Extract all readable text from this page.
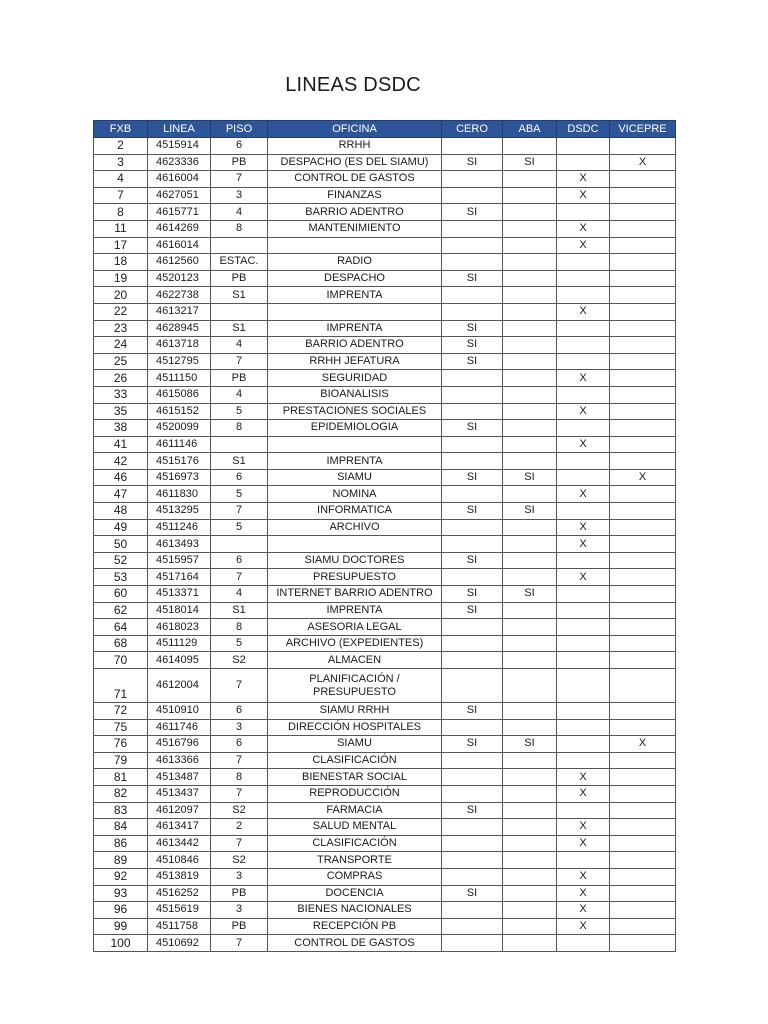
LINEAS DSDC
FXB	LINEA	PISO	OFICINA	CERO	ABA	DSDC	VICEPRE
2	4515914	6	RRHH				
3	4623336	PB	DESPACHO (ES DEL SIAMU)	SI	SI		X
4	4616004	7	CONTROL DE GASTOS			X	
7	4627051	3	FINANZAS			X	
8	4615771	4	BARRIO ADENTRO	SI			
11	4614269	8	MANTENIMIENTO			X	
17	4616014					X	
18	4612560	ESTAC.	RADIO				
19	4520123	PB	DESPACHO	SI			
20	4622738	S1	IMPRENTA				
22	4613217					X	
23	4628945	S1	IMPRENTA	SI			
24	4613718	4	BARRIO ADENTRO	SI			
25	4512795	7	RRHH JEFATURA	SI			
26	4511150	PB	SEGURIDAD			X	
33	4615086	4	BIOANALISIS				
35	4615152	5	PRESTACIONES SOCIALES			X	
38	4520099	8	EPIDEMIOLOGIA	SI			
41	4611146					X	
42	4515176	S1	IMPRENTA				
46	4516973	6	SIAMU	SI	SI		X
47	4611830	5	NOMINA			X	
48	4513295	7	INFORMATICA	SI	SI		
49	4511246	5	ARCHIVO			X	
50	4613493					X	
52	4515957	6	SIAMU DOCTORES	SI			
53	4517164	7	PRESUPUESTO			X	
60	4513371	4	INTERNET BARRIO ADENTRO	SI	SI		
62	4518014	S1	IMPRENTA	SI			
64	4618023	8	ASESORIA LEGAL				
68	4511129	5	ARCHIVO (EXPEDIENTES)				
70	4614095	S2	ALMACEN				
71	4612004	7	PLANIFICACIÓN / PRESUPUESTO				
72	4510910	6	SIAMU RRHH	SI			
75	4611746	3	DIRECCIÓN HOSPITALES				
76	4516796	6	SIAMU	SI	SI		X
79	4613366	7	CLASIFICACIÓN				
81	4513487	8	BIENESTAR SOCIAL			X	
82	4513437	7	REPRODUCCIÓN			X	
83	4612097	S2	FARMACIA	SI			
84	4613417	2	SALUD MENTAL			X	
86	4613442	7	CLASIFICACIÓN			X	
89	4510846	S2	TRANSPORTE				
92	4513819	3	COMPRAS			X	
93	4516252	PB	DOCENCIA	SI		X	
96	4515619	3	BIENES NACIONALES			X	
99	4511758	PB	RECEPCIÓN PB			X	
100	4510692	7	CONTROL DE GASTOS				
